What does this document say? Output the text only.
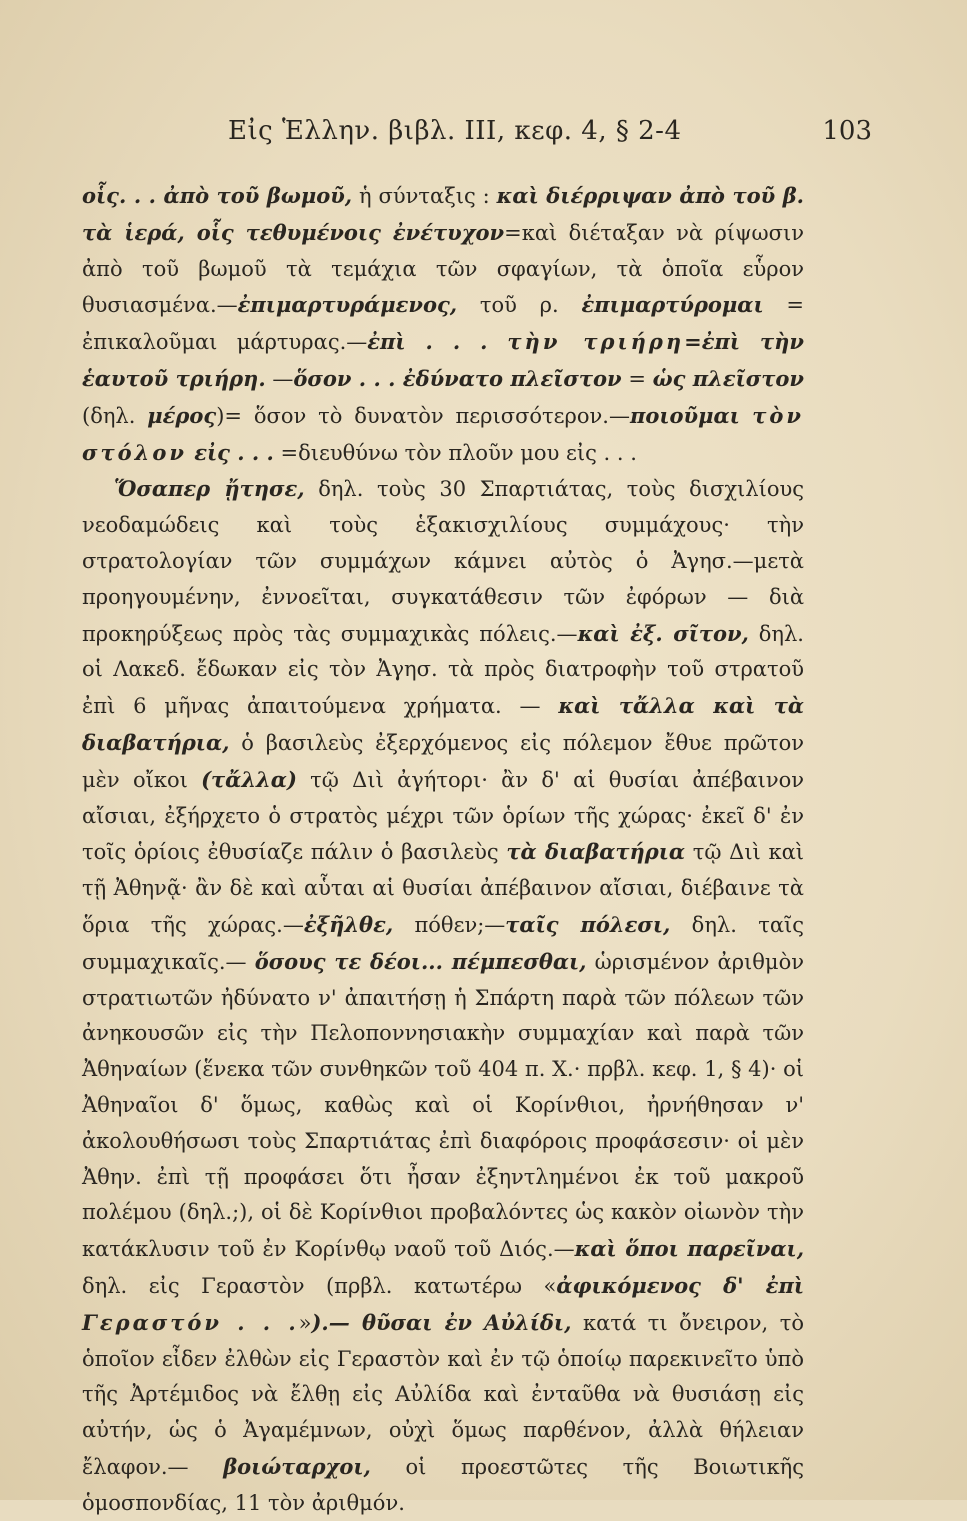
Εἰς Ἑλλην. βιβλ. III, κεφ. 4, § 2-4	103

οἷς. . . ἀπὸ τοῦ βωμοῦ, ἡ σύνταξις : καὶ διέρριψαν ἀπὸ τοῦ β. τὰ ἱερά, οἷς τεθυμένοις ἐνέτυχον=καὶ διέταξαν νὰ ρίψωσιν ἀπὸ τοῦ βωμοῦ τὰ τεμάχια τῶν σφαγίων, τὰ ὁποῖα εὗρον θυσιασμένα.—ἐπιμαρτυράμενος, τοῦ ρ. ἐπιμαρτύρομαι = ἐπικαλοῦμαι μάρτυρας.—ἐπὶ . . . τὴν τριήρη=ἐπὶ τὴν ἑαυτοῦ τριήρη. —ὅσον . . . ἐδύνατο πλεῖστον = ὡς πλεῖστον (δηλ. μέρος)= ὅσον τὸ δυνατὸν περισσότερον.—ποιοῦμαι τὸν στόλον εἰς . . . =διευθύνω τὸν πλοῦν μου εἰς . . .

Ὅσαπερ ᾔτησε, δηλ. τοὺς 30 Σπαρτιάτας, τοὺς δισχιλίους νεοδαμώδεις καὶ τοὺς ἑξακισχιλίους συμμάχους· τὴν στρατολογίαν τῶν συμμάχων κάμνει αὐτὸς ὁ Ἀγησ.—μετὰ προηγουμένην, ἐννοεῖται, συγκατάθεσιν τῶν ἐφόρων — διὰ προκηρύξεως πρὸς τὰς συμμαχικὰς πόλεις.—καὶ ἐξ. σῖτον, δηλ. οἱ Λακεδ. ἔδωκαν εἰς τὸν Ἀγησ. τὰ πρὸς διατροφὴν τοῦ στρατοῦ ἐπὶ 6 μῆνας ἀπαιτούμενα χρήματα. — καὶ τἄλλα καὶ τὰ διαβατήρια, ὁ βασιλεὺς ἐξερχόμενος εἰς πόλεμον ἔθυε πρῶτον μὲν οἴκοι (τἄλλα) τῷ Διὶ ἀγήτορι· ἂν δ' αἱ θυσίαι ἀπέβαινον αἴσιαι, ἐξήρχετο ὁ στρατὸς μέχρι τῶν ὁρίων τῆς χώρας· ἐκεῖ δ' ἐν τοῖς ὁρίοις ἐθυσίαζε πάλιν ὁ βασιλεὺς τὰ διαβατήρια τῷ Διὶ καὶ τῇ Ἀθηνᾷ· ἂν δὲ καὶ αὗται αἱ θυσίαι ἀπέβαινον αἴσιαι, διέβαινε τὰ ὅρια τῆς χώρας.—ἐξῆλθε, πόθεν;—ταῖς πόλεσι, δηλ. ταῖς συμμαχικαῖς.— ὅσους τε δέοι... πέμπεσθαι, ὡρισμένον ἀριθμὸν στρατιωτῶν ἠδύνατο ν' ἀπαιτήσῃ ἡ Σπάρτη παρὰ τῶν πόλεων τῶν ἀνηκουσῶν εἰς τὴν Πελοποννησιακὴν συμμαχίαν καὶ παρὰ τῶν Ἀθηναίων (ἕνεκα τῶν συνθηκῶν τοῦ 404 π. Χ.· πρβλ. κεφ. 1, § 4)· οἱ Ἀθηναῖοι δ' ὅμως, καθὼς καὶ οἱ Κορίνθιοι, ἠρνήθησαν ν' ἀκολουθήσωσι τοὺς Σπαρτιάτας ἐπὶ διαφόροις προφάσεσιν· οἱ μὲν Ἀθην. ἐπὶ τῇ προφάσει ὅτι ἦσαν ἐξηντλημένοι ἐκ τοῦ μακροῦ πολέμου (δηλ.;), οἱ δὲ Κορίνθιοι προβαλόντες ὡς κακὸν οἰωνὸν τὴν κατάκλυσιν τοῦ ἐν Κορίνθῳ ναοῦ τοῦ Διός.—καὶ ὅποι παρεῖναι, δηλ. εἰς Γεραστὸν (πρβλ. κατωτέρω «ἀφικόμενος δ' ἐπὶ Γεραστόν . . .»).— θῦσαι ἐν Αὐλίδι, κατά τι ὄνειρον, τὸ ὁποῖον εἶδεν ἐλθὼν εἰς Γεραστὸν καὶ ἐν τῷ ὁποίῳ παρεκινεῖτο ὑπὸ τῆς Ἀρτέμιδος νὰ ἔλθῃ εἰς Αὐλίδα καὶ ἐνταῦθα νὰ θυσιάσῃ εἰς αὐτήν, ὡς ὁ Ἀγαμέμνων, οὐχὶ ὅμως παρθένον, ἀλλὰ θήλειαν ἔλαφον.— βοιώταρχοι, οἱ προεστῶτες τῆς Βοιωτικῆς ὁμοσπονδίας, 11 τὸν ἀριθμόν.
